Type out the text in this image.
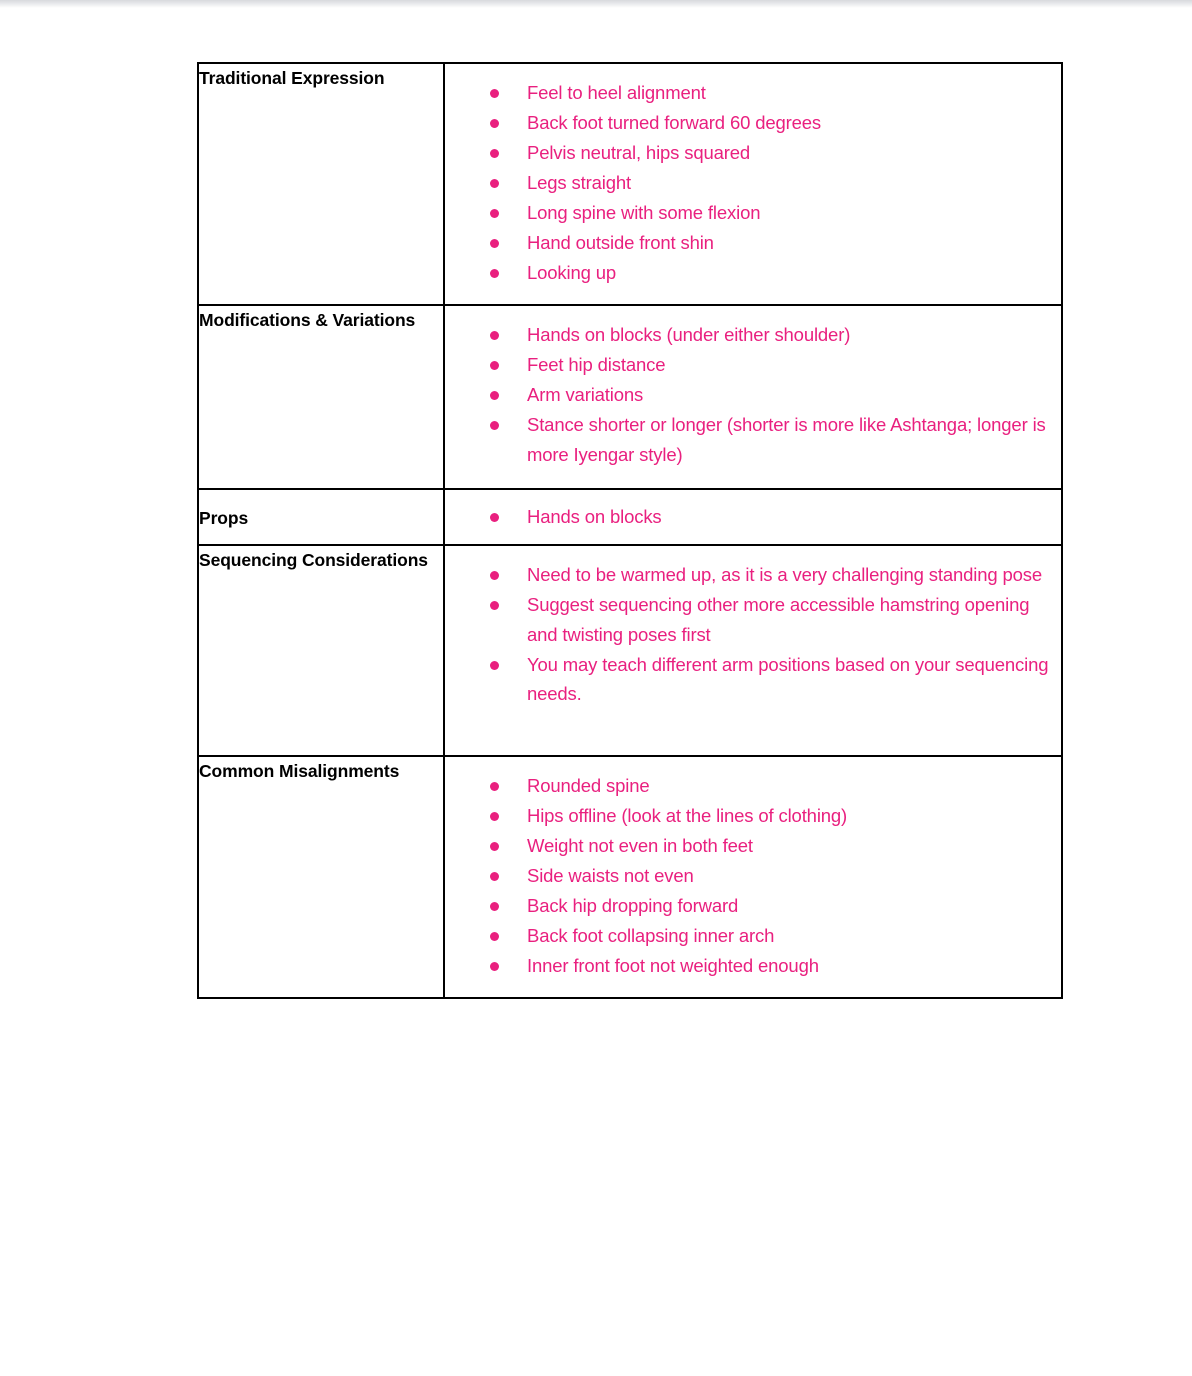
Traditional Expression

Feel to heel alignment
Back foot turned forward 60 degrees
Pelvis neutral, hips squared
Legs straight
Long spine with some flexion
Hand outside front shin
Looking up

Modifications & Variations

Hands on blocks (under either shoulder)
Feet hip distance
Arm variations
Stance shorter or longer (shorter is more like Ashtanga; longer is more Iyengar style)

Props	Hands on blocks

Sequencing Considerations

Need to be warmed up, as it is a very challenging standing pose
Suggest sequencing other more accessible hamstring opening and twisting poses first
You may teach different arm positions based on your sequencing needs.

Common Misalignments

Rounded spine
Hips offline (look at the lines of clothing)
Weight not even in both feet
Side waists not even
Back hip dropping forward
Back foot collapsing inner arch
Inner front foot not weighted enough
